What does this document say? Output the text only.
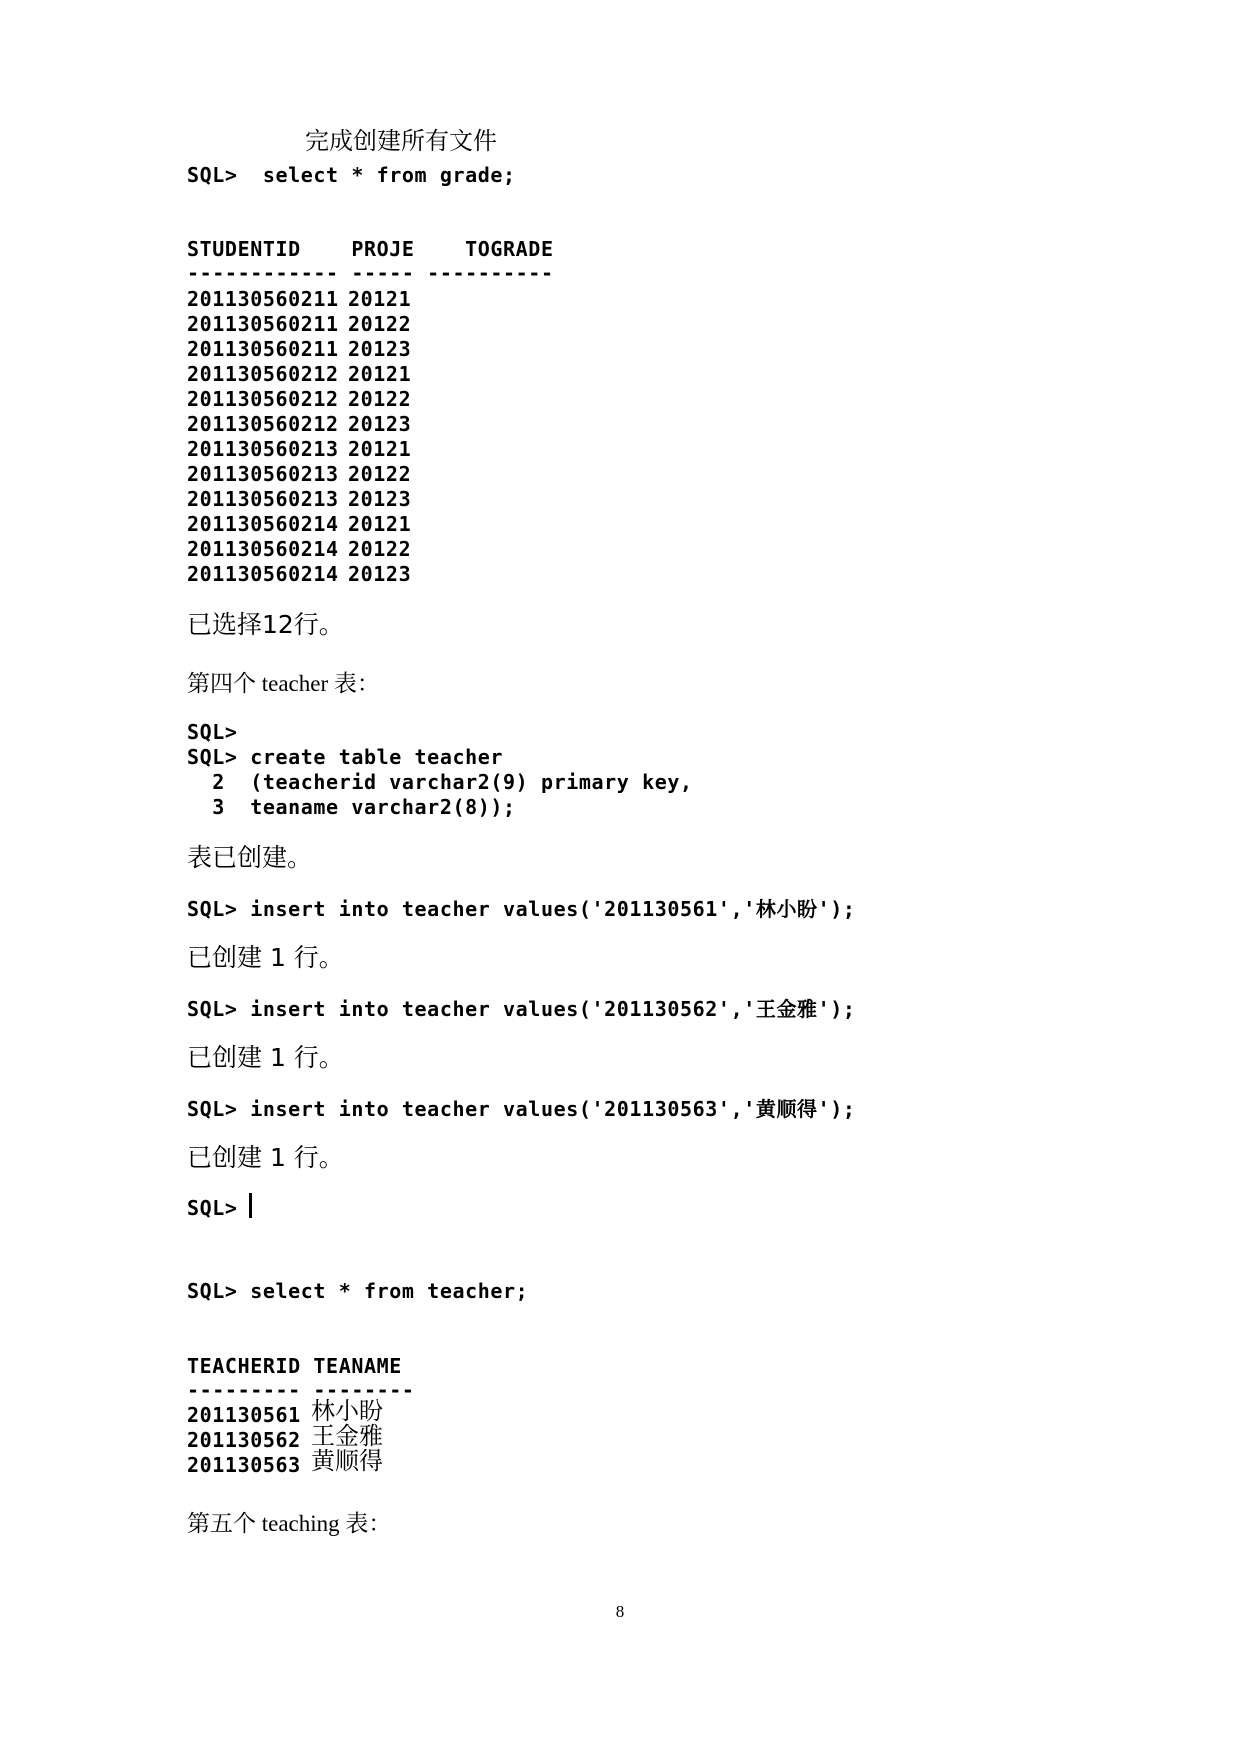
完成创建所有文件
SQL>  select * from grade;
STUDENTID    PROJE    TOGRADE
------------ ----- ----------
201130560211 20121
201130560211 20122
201130560211 20123
201130560212 20121
201130560212 20122
201130560212 20123
201130560213 20121
201130560213 20122
201130560213 20123
201130560214 20121
201130560214 20122
201130560214 20123
已选择12行。
第四个 teacher 表：
SQL>
SQL> create table teacher
2  (teacherid varchar2(9) primary key,
3  teaname varchar2(8));
表已创建。
SQL> insert into teacher values('201130561','林小盼');
已创建 1 行。
SQL> insert into teacher values('201130562','王金雅');
已创建 1 行。
SQL> insert into teacher values('201130563','黄顺得');
已创建 1 行。
SQL>
SQL> select * from teacher;
TEACHERID TEANAME
--------- --------
201130561 林小盼
201130562 王金雅
201130563 黄顺得
第五个 teaching 表：
8
